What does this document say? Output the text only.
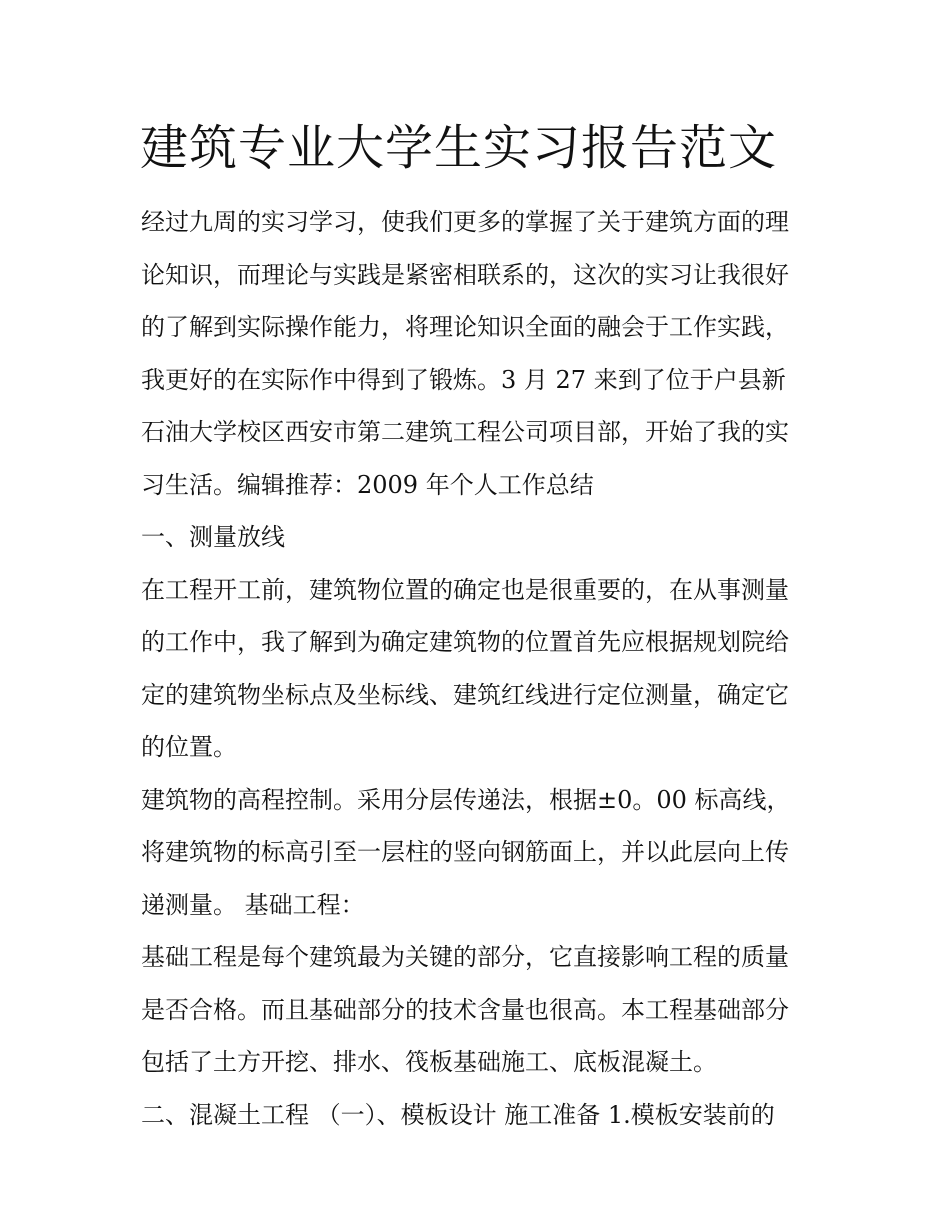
建筑专业大学生实习报告范文
经过九周的实习学习，使我们更多的掌握了关于建筑方面的理
论知识，而理论与实践是紧密相联系的，这次的实习让我很好
的了解到实际操作能力，将理论知识全面的融会于工作实践，
我更好的在实际作中得到了锻炼。3 月 27 来到了位于户县新
石油大学校区西安市第二建筑工程公司项目部，开始了我的实
习生活。编辑推荐：2009 年个人工作总结
一、测量放线
在工程开工前，建筑物位置的确定也是很重要的，在从事测量
的工作中，我了解到为确定建筑物的位置首先应根据规划院给
定的建筑物坐标点及坐标线、建筑红线进行定位测量，确定它
的位置。
建筑物的高程控制。采用分层传递法，根据±0。00 标高线，
将建筑物的标高引至一层柱的竖向钢筋面上，并以此层向上传
递测量。 基础工程：
基础工程是每个建筑最为关键的部分，它直接影响工程的质量
是否合格。而且基础部分的技术含量也很高。本工程基础部分
包括了土方开挖、排水、筏板基础施工、底板混凝土。
二、混凝土工程 （一）、模板设计 施工准备 1.模板安装前的
